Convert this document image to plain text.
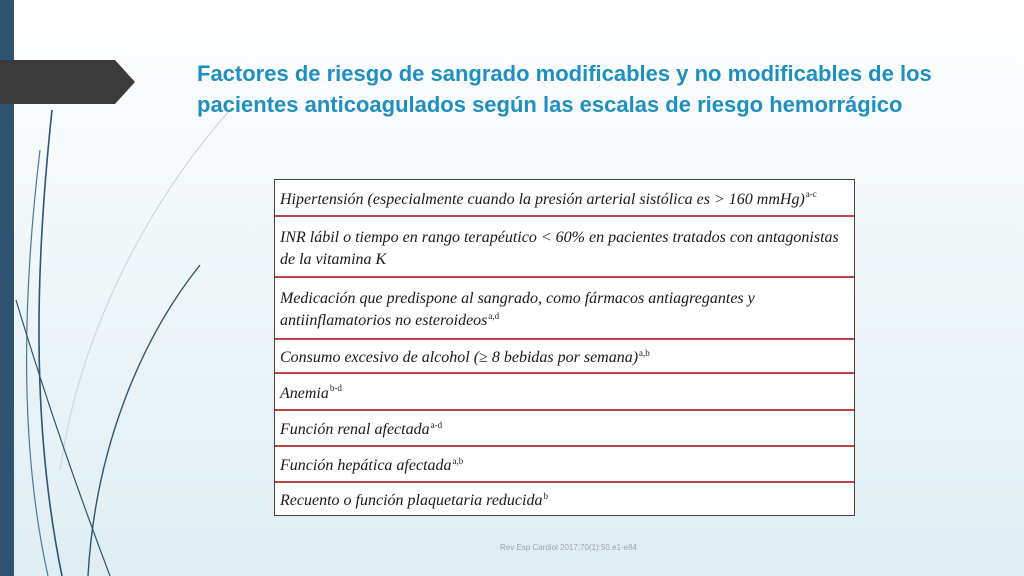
Factores de riesgo de sangrado modificables y no modificables de los pacientes anticoagulados según las escalas de riesgo hemorrágico
Hipertensión (especialmente cuando la presión arterial sistólica es > 160 mmHg)$^{a-c}$
INR lábil o tiempo en rango terapéutico < 60% en pacientes tratados con antagonistas de la vitamina K
Medicación que predispone al sangrado, como fármacos antiagregantes y antiinflamatorios no esteroideos$^{a,d}$
Consumo excesivo de alcohol (≥ 8 bebidas por semana)$^{a,b}$
Anemia$^{b-d}$
Función renal afectada$^{a-d}$
Función hepática afectada$^{a,b}$
Recuento o función plaquetaria reducida$^b$
Rev Esp Cardiol 2017;70(1):50.e1-e84
